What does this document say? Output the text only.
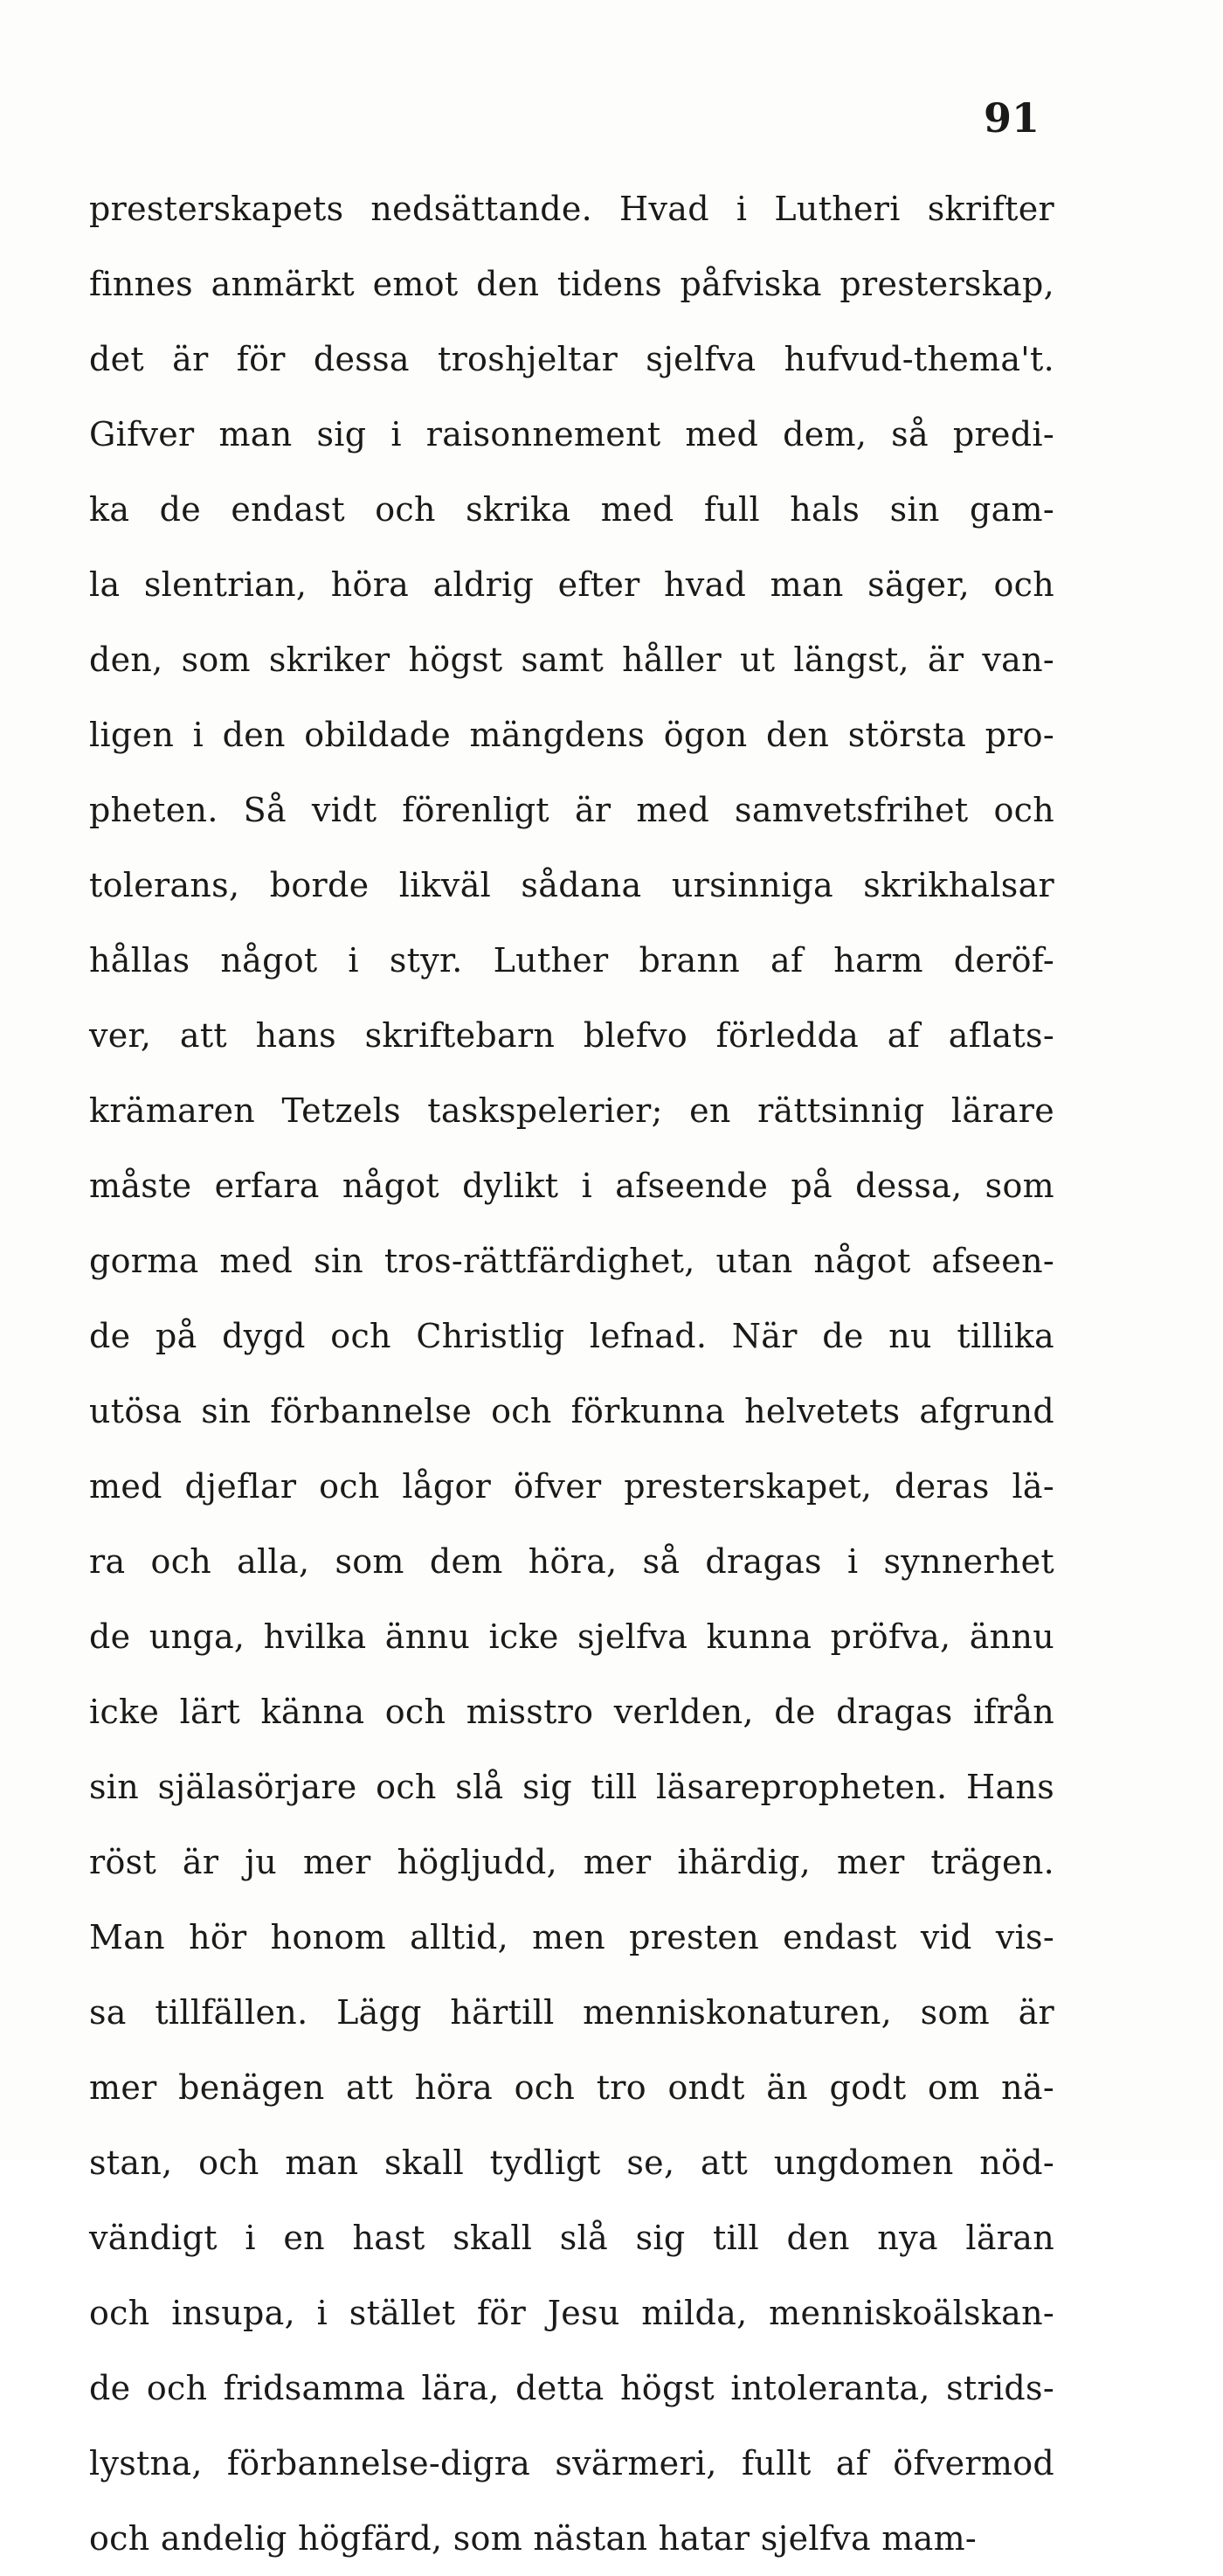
91
presterskapets nedsättande. Hvad i Lutheri skrifter
finnes anmärkt emot den tidens påfviska presterskap,
det är för dessa troshjeltar sjelfva hufvud-thema't.
Gifver man sig i raisonnement med dem, så predi-
ka de endast och skrika med full hals sin gam-
la slentrian, höra aldrig efter hvad man säger, och
den, som skriker högst samt håller ut längst, är van-
ligen i den obildade mängdens ögon den största pro-
pheten. Så vidt förenligt är med samvetsfrihet och
tolerans, borde likväl sådana ursinniga skrikhalsar
hållas något i styr. Luther brann af harm deröf-
ver, att hans skriftebarn blefvo förledda af aflats-
krämaren Tetzels taskspelerier; en rättsinnig lärare
måste erfara något dylikt i afseende på dessa, som
gorma med sin tros-rättfärdighet, utan något afseen-
de på dygd och Christlig lefnad. När de nu tillika
utösa sin förbannelse och förkunna helvetets afgrund
med djeflar och lågor öfver presterskapet, deras lä-
ra och alla, som dem höra, så dragas i synnerhet
de unga, hvilka ännu icke sjelfva kunna pröfva, ännu
icke lärt känna och misstro verlden, de dragas ifrån
sin själasörjare och slå sig till läsarepropheten. Hans
röst är ju mer högljudd, mer ihärdig, mer trägen.
Man hör honom alltid, men presten endast vid vis-
sa tillfällen. Lägg härtill menniskonaturen, som är
mer benägen att höra och tro ondt än godt om nä-
stan, och man skall tydligt se, att ungdomen nöd-
vändigt i en hast skall slå sig till den nya läran
och insupa, i stället för Jesu milda, menniskoälskan-
de och fridsamma lära, detta högst intoleranta, strids-
lystna, förbannelse-digra svärmeri, fullt af öfvermod
och andelig högfärd, som nästan hatar sjelfva mam-
